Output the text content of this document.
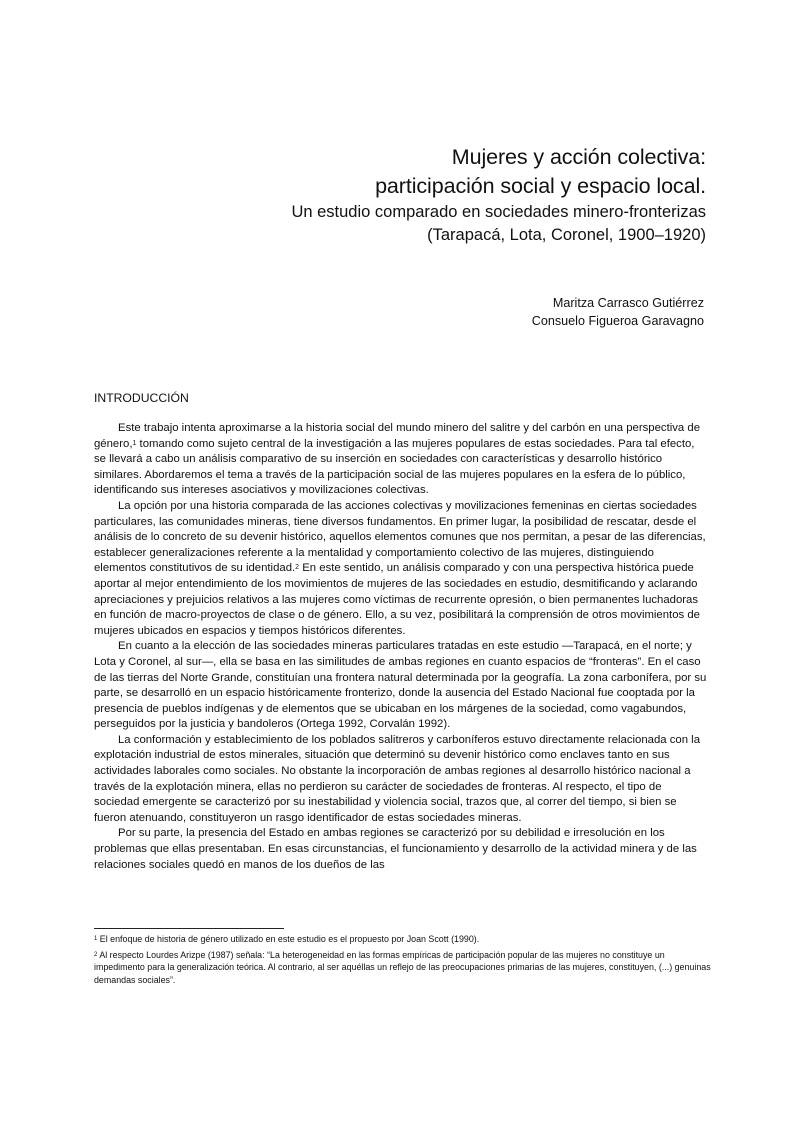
Mujeres y acción colectiva:
participación social y espacio local.
Un estudio comparado en sociedades minero-fronterizas
(Tarapacá, Lota, Coronel, 1900–1920)
Maritza Carrasco Gutiérrez
Consuelo Figueroa Garavagno
INTRODUCCIÓN

Este trabajo intenta aproximarse a la historia social del mundo minero del salitre y del carbón en una perspectiva de género,$^1$ tomando como sujeto central de la investigación a las mujeres populares de estas sociedades. Para tal efecto, se llevará a cabo un análisis comparativo de su inserción en sociedades con características y desarrollo histórico similares. Abordaremos el tema a través de la participación social de las mujeres populares en la esfera de lo público, identificando sus intereses asociativos y movilizaciones colectivas.

La opción por una historia comparada de las acciones colectivas y movilizaciones femeninas en ciertas sociedades particulares, las comunidades mineras, tiene diversos fundamentos. En primer lugar, la posibilidad de rescatar, desde el análisis de lo concreto de su devenir histórico, aquellos elementos comunes que nos permitan, a pesar de las diferencias, establecer generalizaciones referente a la mentalidad y comportamiento colectivo de las mujeres, distinguiendo elementos constitutivos de su identidad.$^2$ En este sentido, un análisis comparado y con una perspectiva histórica puede aportar al mejor entendimiento de los movimientos de mujeres de las sociedades en estudio, desmitificando y aclarando apreciaciones y prejuicios relativos a las mujeres como víctimas de recurrente opresión, o bien permanentes luchadoras en función de macro-proyectos de clase o de género. Ello, a su vez, posibilitará la comprensión de otros movimientos de mujeres ubicados en espacios y tiempos históricos diferentes.

En cuanto a la elección de las sociedades mineras particulares tratadas en este estudio —Tarapacá, en el norte; y Lota y Coronel, al sur—, ella se basa en las similitudes de ambas regiones en cuanto espacios de “fronteras”. En el caso de las tierras del Norte Grande, constituían una frontera natural determinada por la geografía. La zona carbonífera, por su parte, se desarrolló en un espacio históricamente fronterizo, donde la ausencia del Estado Nacional fue cooptada por la presencia de pueblos indígenas y de elementos que se ubicaban en los márgenes de la sociedad, como vagabundos, perseguidos por la justicia y bandoleros (Ortega 1992, Corvalán 1992).

La conformación y establecimiento de los poblados salitreros y carboníferos estuvo directamente relacionada con la explotación industrial de estos minerales, situación que determinó su devenir histórico como enclaves tanto en sus actividades laborales como sociales. No obstante la incorporación de ambas regiones al desarrollo histórico nacional a través de la explotación minera, ellas no perdieron su carácter de sociedades de fronteras. Al respecto, el tipo de sociedad emergente se caracterizó por su inestabilidad y violencia social, trazos que, al correr del tiempo, si bien se fueron atenuando, constituyeron un rasgo identificador de estas sociedades mineras.

Por su parte, la presencia del Estado en ambas regiones se caracterizó por su debilidad e irresolución en los problemas que ellas presentaban. En esas circunstancias, el funcionamiento y desarrollo de la actividad minera y de las relaciones sociales quedó en manos de los dueños de las

$^1$ El enfoque de historia de género utilizado en este estudio es el propuesto por Joan Scott (1990).

$^2$ Al respecto Lourdes Arizpe (1987) señala: “La heterogeneidad en las formas empíricas de participación popular de las mujeres no constituye un impedimento para la generalización teórica. Al contrario, al ser aquéllas un reflejo de las preocupaciones primarias de las mujeres, constituyen, (...) genuinas demandas sociales”.
